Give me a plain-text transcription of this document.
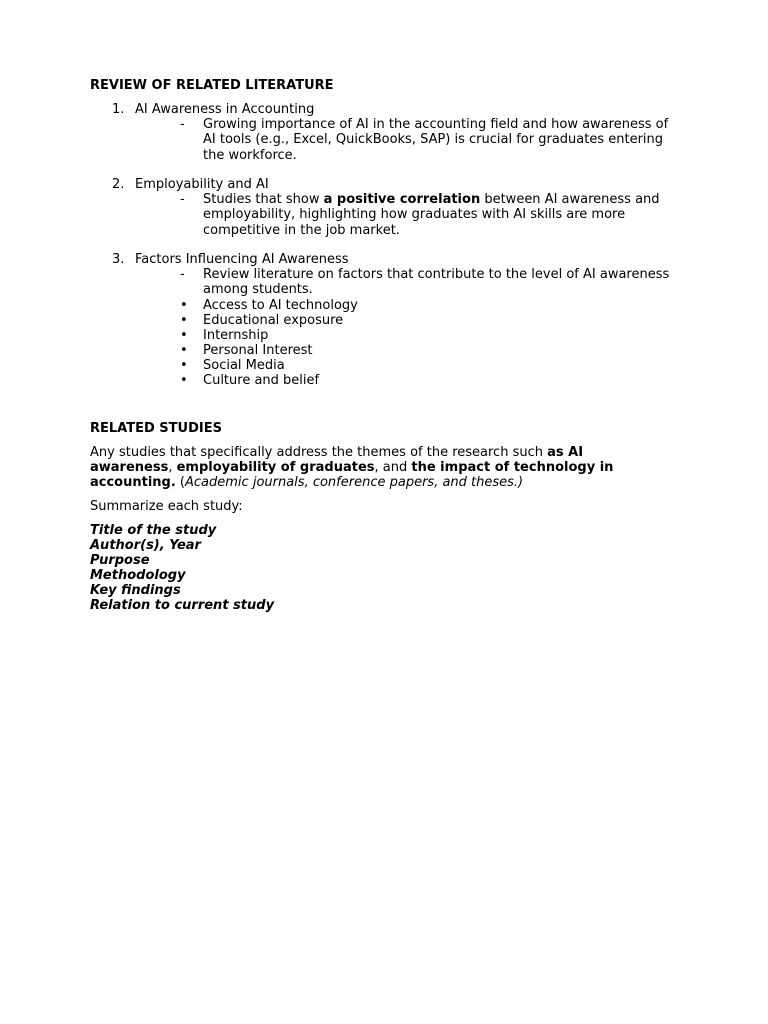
REVIEW OF RELATED LITERATURE
1. AI Awareness in Accounting
- Growing importance of AI in the accounting field and how awareness of AI tools (e.g., Excel, QuickBooks, SAP) is crucial for graduates entering the workforce.
2. Employability and AI
- Studies that show a positive correlation between AI awareness and employability, highlighting how graduates with AI skills are more competitive in the job market.
3. Factors Influencing AI Awareness
- Review literature on factors that contribute to the level of AI awareness among students.
• Access to AI technology
• Educational exposure
• Internship
• Personal Interest
• Social Media
• Culture and belief
RELATED STUDIES
Any studies that specifically address the themes of the research such as AI awareness, employability of graduates, and the impact of technology in accounting. (Academic journals, conference papers, and theses.)
Summarize each study:
Title of the study
Author(s), Year
Purpose
Methodology
Key findings
Relation to current study
